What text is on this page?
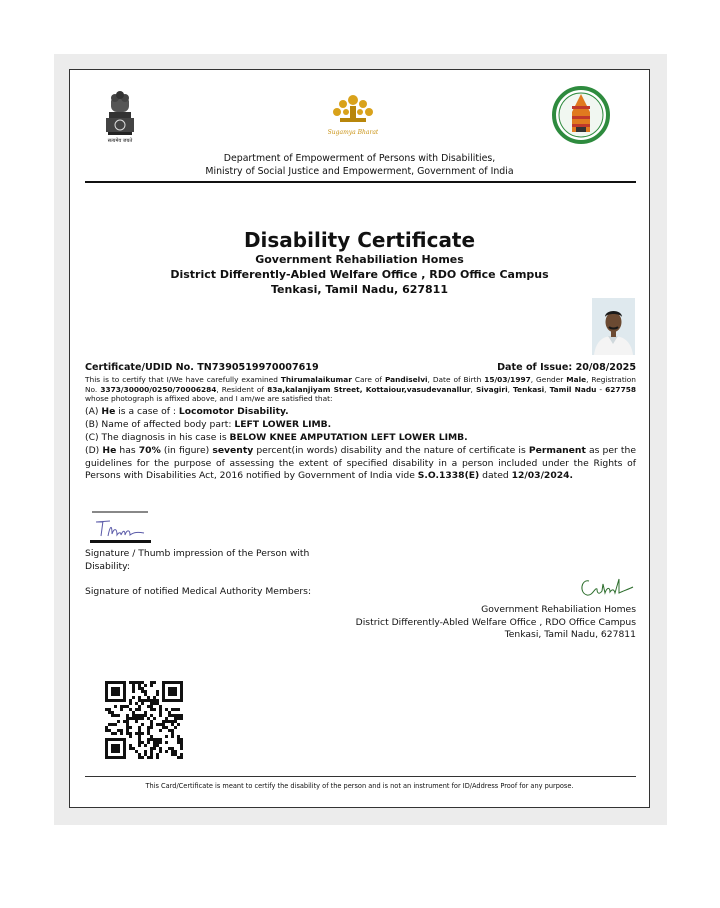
सत्यमेव जयते
Sugamya Bharat
Department of Empowerment of Persons with Disabilities,
Ministry of Social Justice and Empowerment, Government of India
Disability Certificate
Government Rehabiliation Homes
District Differently-Abled Welfare Office , RDO Office Campus
Tenkasi, Tamil Nadu, 627811
Certificate/UDID No. TN7390519970007619	Date of Issue: 20/08/2025
This is to certify that I/We have carefully examined Thirumalaikumar Care of Pandiselvi, Date of Birth 15/03/1997, Gender Male, Registration No. 3373/30000/0250/70006284, Resident of 83a,kalanjiyam Street, Kottaiour,vasudevanallur, Sivagiri, Tenkasi, Tamil Nadu - 627758 whose photograph is affixed above, and I am/we are satisfied that:
(A) He is a case of : Locomotor Disability.
(B) Name of affected body part: LEFT LOWER LIMB.
(C) The diagnosis in his case is BELOW KNEE AMPUTATION LEFT LOWER LIMB.
(D) He has 70% (in figure) seventy percent(in words) disability and the nature of certificate is Permanent as per the guidelines for the purpose of assessing the extent of specified disability in a person included under the Rights of Persons with Disabilities Act, 2016 notified by Government of India vide S.O.1338(E) dated 12/03/2024.
Signature / Thumb impression of the Person with Disability:
Signature of notified Medical Authority Members:
Government Rehabiliation Homes
District Differently-Abled Welfare Office , RDO Office Campus
Tenkasi, Tamil Nadu, 627811
This Card/Certificate is meant to certify the disability of the person and is not an instrument for ID/Address Proof for any purpose.
